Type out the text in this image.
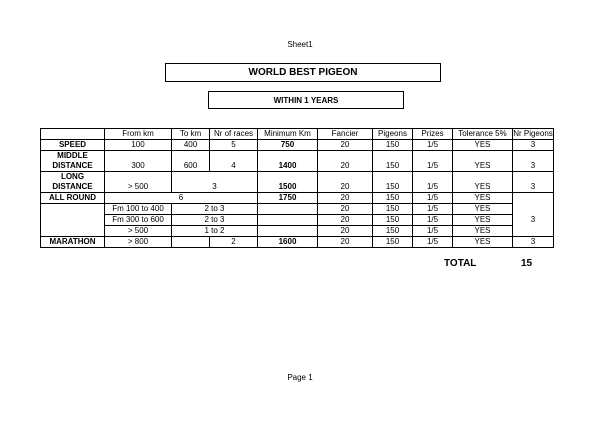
Sheet1
WORLD BEST PIGEON
WITHIN 1 YEARS
	From km	To km	Nr of races	Minimum Km	Fancier	Pigeons	Prizes	Tolerance 5%	Nr Pigeons
SPEED	100	400	5	750	20	150	1/5	YES	3
MIDDLE									
DISTANCE	300	600	4	1400	20	150	1/5	YES	3
LONG									
DISTANCE	> 500	3		1500	20	150	1/5	YES	3
ALL ROUND	6			1750	20	150	1/5	YES	
	Fm 100 to 400	2 to 3			20	150	1/5	YES	3
	Fm 300 to 600	2 to 3			20	150	1/5	YES	
	> 500	1 to 2			20	150	1/5	YES	
MARATHON	> 800		2	1600	20	150	1/5	YES	3
TOTAL	15
Page 1
